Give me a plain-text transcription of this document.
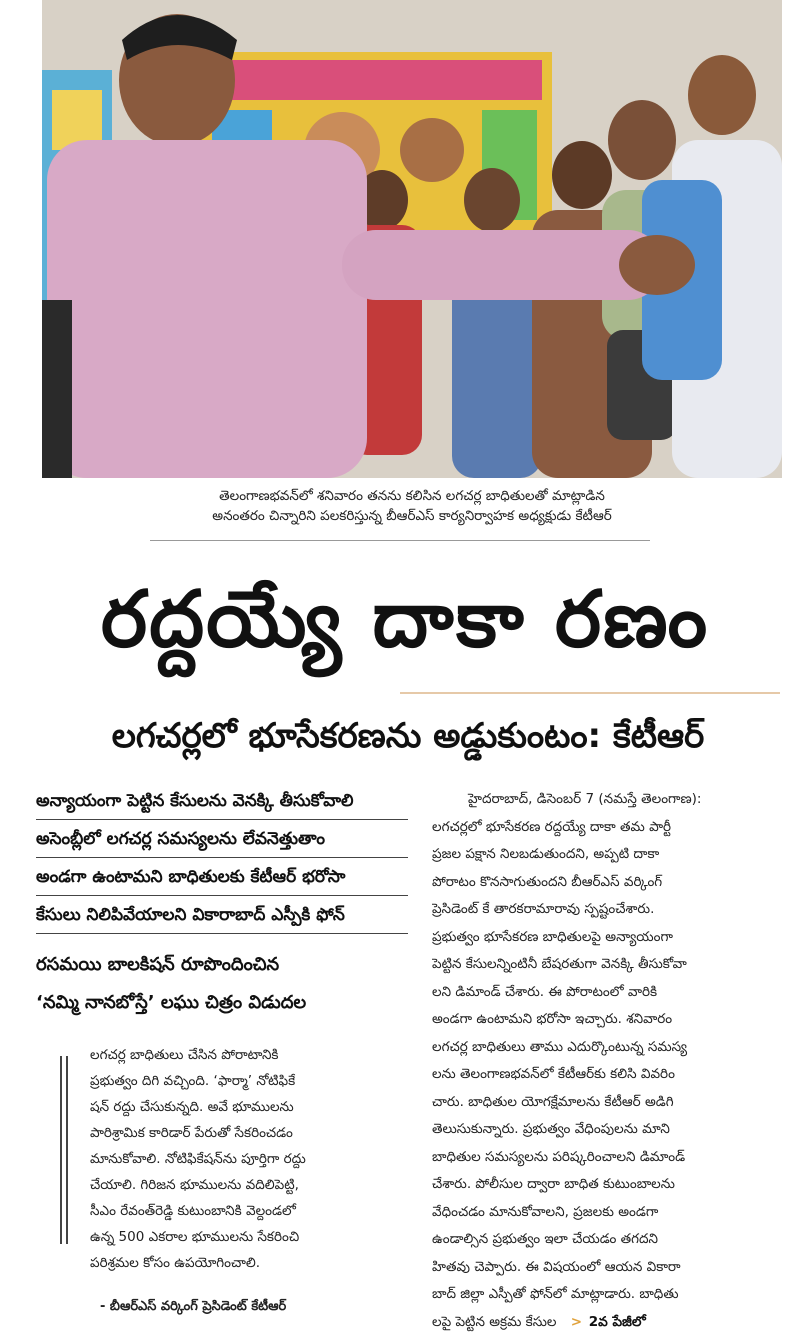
తెలంగాణభవన్‌లో శనివారం తనను కలిసిన లగచర్ల బాధితులతో మాట్లాడిన
అనంతరం చిన్నారిని పలకరిస్తున్న బీఆర్‌ఎస్‌ కార్యనిర్వాహక అధ్యక్షుడు కేటీఆర్‌
రద్దయ్యే దాకా రణం
లగచర్లలో భూసేకరణను అడ్డుకుంటం: కేటీఆర్‌
అన్యాయంగా పెట్టిన కేసులను వెనక్కి తీసుకోవాలి
అసెంబ్లీలో లగచర్ల సమస్యలను లేవనెత్తుతాం
అండగా ఉంటామని బాధితులకు కేటీఆర్‌ భరోసా
కేసులు నిలిపివేయాలని వికారాబాద్‌ ఎస్పీకి ఫోన్‌
రసమయి బాలకిషన్‌ రూపొందించిన
‘నమ్మి నానబోస్తే’ లఘు చిత్రం విడుదల
లగచర్ల బాధితులు చేసిన పోరాటానికి
ప్రభుత్వం దిగి వచ్చింది. ‘ఫార్మా’ నోటిఫికే
షన్‌ రద్దు చేసుకున్నది. అవే భూములను
పారిశ్రామిక కారిడార్‌ పేరుతో సేకరించడం
మానుకోవాలి. నోటిఫికేషన్‌ను పూర్తిగా రద్దు
చేయాలి. గిరిజన భూములను వదిలిపెట్టి,
సీఎం రేవంత్‌రెడ్డి కుటుంబానికి వెల్దండలో
ఉన్న 500 ఎకరాల భూములను సేకరించి
పరిశ్రమల కోసం ఉపయోగించాలి.
- బీఆర్‌ఎస్‌ వర్కింగ్‌ ప్రెసిడెంట్‌ కేటీఆర్‌
హైదరాబాద్‌, డిసెంబర్‌ 7 (నమస్తే తెలంగాణ):
లగచర్లలో భూసేకరణ రద్దయ్యే దాకా తమ పార్టీ
ప్రజల పక్షాన నిలబడుతుందని, అప్పటి దాకా
పోరాటం కొనసాగుతుందని బీఆర్‌ఎస్‌ వర్కింగ్‌
ప్రెసిడెంట్‌ కే తారకరామారావు స్పష్టంచేశారు.
ప్రభుత్వం భూసేకరణ బాధితులపై అన్యాయంగా
పెట్టిన కేసులన్నింటినీ బేషరతుగా వెనక్కి తీసుకోవా
లని డిమాండ్‌ చేశారు. ఈ పోరాటంలో వారికి
అండగా ఉంటామని భరోసా ఇచ్చారు. శనివారం
లగచర్ల బాధితులు తాము ఎదుర్కొంటున్న సమస్య
లను తెలంగాణభవన్‌లో కేటీఆర్‌కు కలిసి వివరిం
చారు. బాధితుల యోగక్షేమాలను కేటీఆర్‌ అడిగి
తెలుసుకున్నారు. ప్రభుత్వం వేధింపులను మాని
బాధితుల సమస్యలను పరిష్కరించాలని డిమాండ్‌
చేశారు. పోలీసుల ద్వారా బాధిత కుటుంబాలను
వేధించడం మానుకోవాలని, ప్రజలకు అండగా
ఉండాల్సిన ప్రభుత్వం ఇలా చేయడం తగదని
హితవు చెప్పారు. ఈ విషయంలో ఆయన వికారా
బాద్‌ జిల్లా ఎస్పీతో ఫోన్‌లో మాట్లాడారు. బాధితు
లపై పెట్టిన అక్రమ కేసుల > 2వ పేజీలో
